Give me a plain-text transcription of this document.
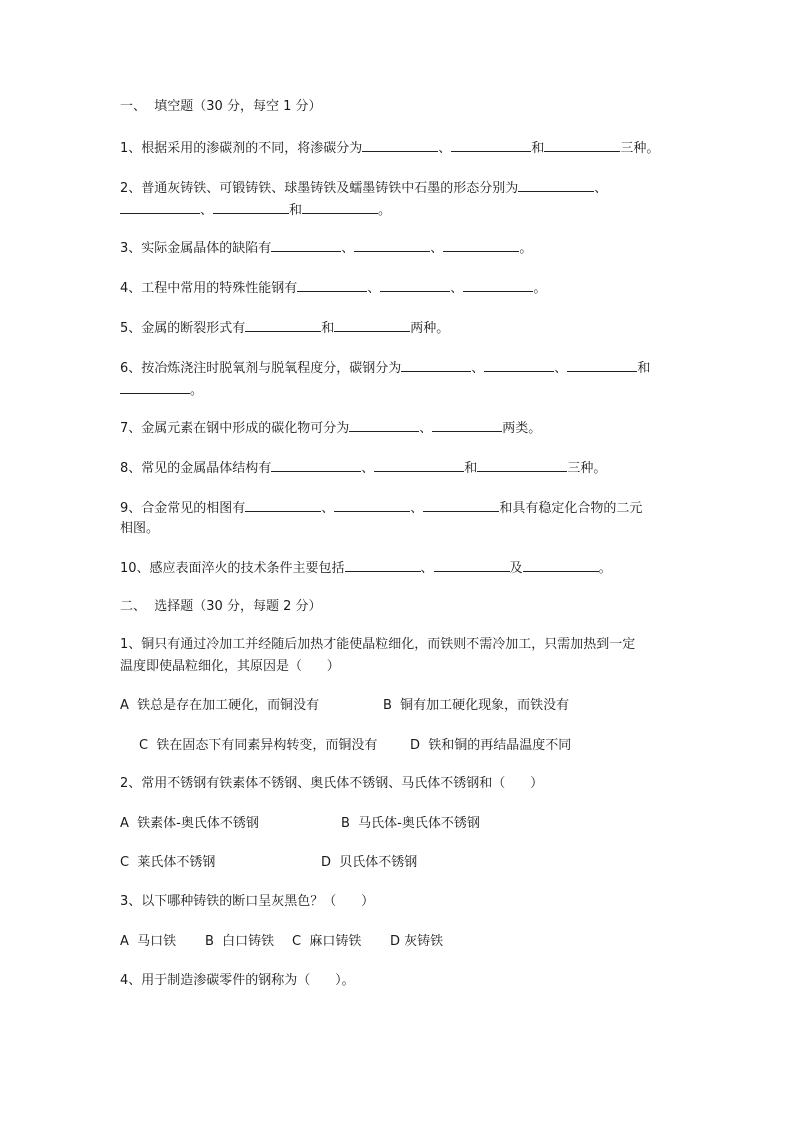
一、  填空题（30 分，每空 1 分）
1、根据采用的渗碳剂的不同，将渗碳分为	、	和	三种。
2、普通灰铸铁、可锻铸铁、球墨铸铁及蠕墨铸铁中石墨的形态分别为	、
、	和	。
3、实际金属晶体的缺陷有	、	、	。
4、工程中常用的特殊性能钢有	、	、	。
5、金属的断裂形式有	和	两种。
6、按冶炼浇注时脱氧剂与脱氧程度分，碳钢分为	、	、	和
。
7、金属元素在钢中形成的碳化物可分为	、	两类。
8、常见的金属晶体结构有	、	和	三种。
9、合金常见的相图有	、	、	和具有稳定化合物的二元
相图。
10、感应表面淬火的技术条件主要包括	、	及	。
二、  选择题（30 分，每题 2 分）
1、铜只有通过冷加工并经随后加热才能使晶粒细化，而铁则不需冷加工，只需加热到一定
温度即使晶粒细化，其原因是（      ）
A  铁总是存在加工硬化，而铜没有	B  铜有加工硬化现象，而铁没有
C  铁在固态下有同素异构转变，而铜没有	D  铁和铜的再结晶温度不同
2、常用不锈钢有铁素体不锈钢、奥氏体不锈钢、马氏体不锈钢和（      ）
A  铁素体-奥氏体不锈钢	B  马氏体-奥氏体不锈钢
C  莱氏体不锈钢	D  贝氏体不锈钢
3、以下哪种铸铁的断口呈灰黑色？（      ）
A  马口铁 B  白口铸铁 C  麻口铸铁 D 灰铸铁
4、用于制造渗碳零件的钢称为（      ）。
